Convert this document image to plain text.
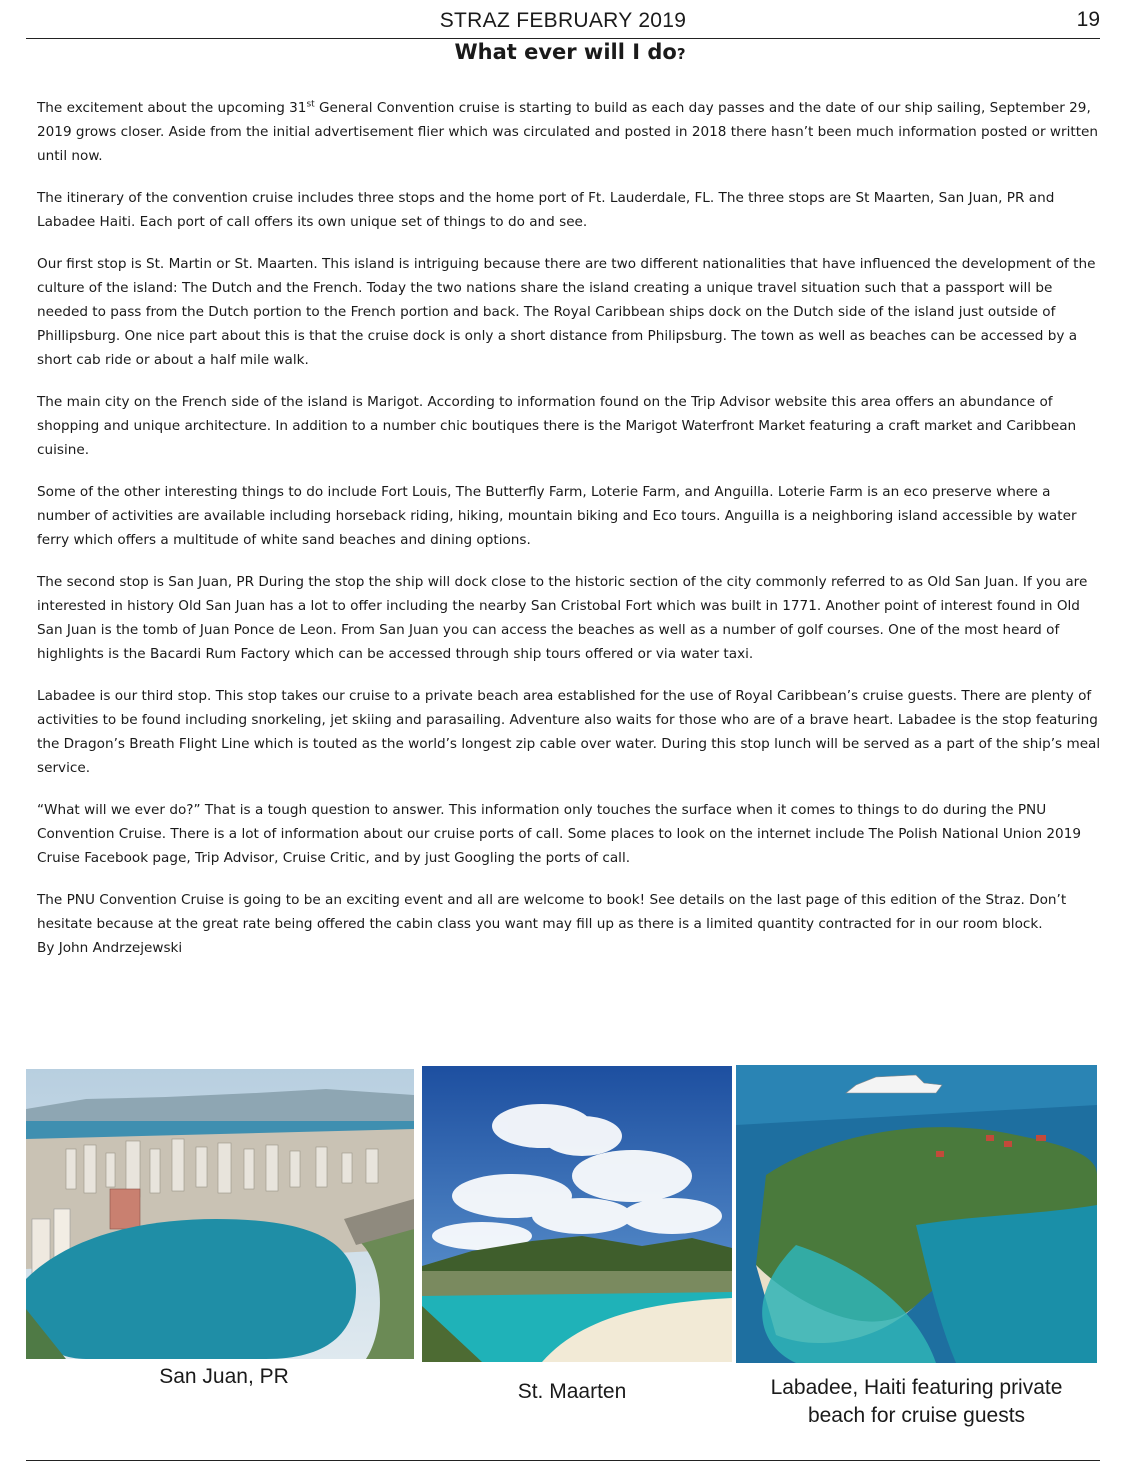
STRAZ FEBRUARY 2019	19
What ever will I do?

The excitement about the upcoming 31st General Convention cruise is starting to build as each day passes and the date of our ship sailing, September 29, 2019 grows closer. Aside from the initial advertisement flier which was circulated and posted in 2018 there hasn’t been much information posted or written until now.

The itinerary of the convention cruise includes three stops and the home port of Ft. Lauderdale, FL. The three stops are St Maarten, San Juan, PR and Labadee Haiti. Each port of call offers its own unique set of things to do and see.

Our first stop is St. Martin or St. Maarten. This island is intriguing because there are two different nationalities that have influenced the development of the culture of the island: The Dutch and the French. Today the two nations share the island creating a unique travel situation such that a passport will be needed to pass from the Dutch portion to the French portion and back. The Royal Caribbean ships dock on the Dutch side of the island just outside of Phillipsburg. One nice part about this is that the cruise dock is only a short distance from Philipsburg. The town as well as beaches can be accessed by a short cab ride or about a half mile walk.

The main city on the French side of the island is Marigot. According to information found on the Trip Advisor website this area offers an abundance of shopping and unique architecture. In addition to a number chic boutiques there is the Marigot Waterfront Market featuring a craft market and Caribbean cuisine.

Some of the other interesting things to do include Fort Louis, The Butterfly Farm, Loterie Farm, and Anguilla. Loterie Farm is an eco preserve where a number of activities are available including horseback riding, hiking, mountain biking and Eco tours. Anguilla is a neighboring island accessible by water ferry which offers a multitude of white sand beaches and dining options.

The second stop is San Juan, PR During the stop the ship will dock close to the historic section of the city commonly referred to as Old San Juan. If you are interested in history Old San Juan has a lot to offer including the nearby San Cristobal Fort which was built in 1771. Another point of interest found in Old San Juan is the tomb of Juan Ponce de Leon. From San Juan you can access the beaches as well as a number of golf courses. One of the most heard of highlights is the Bacardi Rum Factory which can be accessed through ship tours offered or via water taxi.

Labadee is our third stop. This stop takes our cruise to a private beach area established for the use of Royal Caribbean’s cruise guests. There are plenty of activities to be found including snorkeling, jet skiing and parasailing. Adventure also waits for those who are of a brave heart. Labadee is the stop featuring the Dragon’s Breath Flight Line which is touted as the world’s longest zip cable over water. During this stop lunch will be served as a part of the ship’s meal service.

“What will we ever do?” That is a tough question to answer. This information only touches the surface when it comes to things to do during the PNU Convention Cruise. There is a lot of information about our cruise ports of call. Some places to look on the internet include The Polish National Union 2019 Cruise Facebook page, Trip Advisor, Cruise Critic, and by just Googling the ports of call.

The PNU Convention Cruise is going to be an exciting event and all are welcome to book! See details on the last page of this edition of the Straz. Don’t hesitate because at the great rate being offered the cabin class you want may fill up as there is a limited quantity contracted for in our room block.

By John Andrzejewski
San Juan, PR
St. Maarten	Labadee, Haiti featuring private
beach for cruise guests
